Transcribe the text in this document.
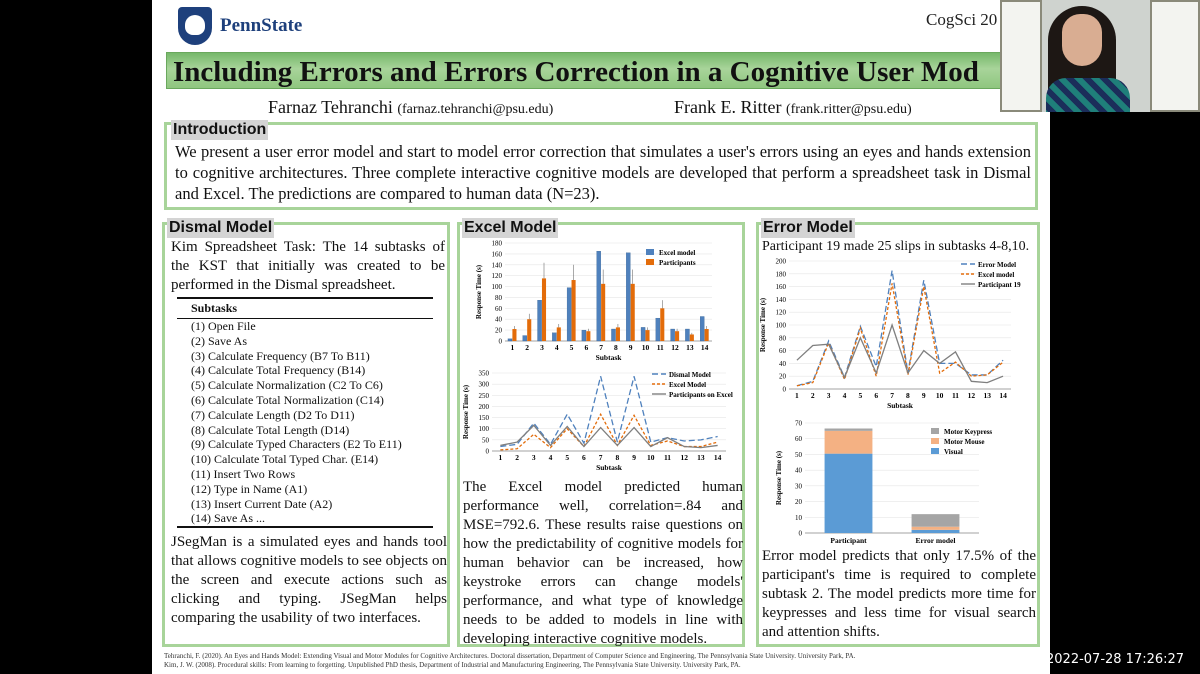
PennState	CogSci 20
Including Errors and Errors Correction in a Cognitive User Mod
Farnaz Tehranchi (farnaz.tehranchi@psu.edu)	Frank E. Ritter (frank.ritter@psu.edu)
Introduction
We present a user error model and start to model error correction that simulates a user's errors using an eyes and hands extension to cognitive architectures. Three complete interactive cognitive models are developed that perform a spreadsheet task in Dismal and Excel. The predictions are compared to human data (N=23).
Dismal Model
Kim Spreadsheet Task: The 14 subtasks of the KST that initially was created to be performed in the Dismal spreadsheet.
Subtasks
(1) Open File
(2) Save As
(3) Calculate Frequency (B7 To B11)
(4) Calculate Total Frequency (B14)
(5) Calculate Normalization (C2 To C6)
(6) Calculate Total Normalization (C14)
(7) Calculate Length (D2 To D11)
(8) Calculate Total Length (D14)
(9) Calculate Typed Characters (E2 To E11)
(10) Calculate Total Typed Char. (E14)
(11) Insert Two Rows
(12) Type in Name (A1)
(13) Insert Current Date (A2)
(14) Save As ...
JSegMan is a simulated eyes and hands tool that allows cognitive models to see objects on the screen and execute actions such as clicking and typing. JSegMan helps comparing the usability of two interfaces.
Excel Model
0
20
40
60
80
100
120
140
160
180
Response Time (s)
Subtask
1 2 3 4 5 6 7 8 9 10 11 12 13 14
Excel model
Participants
0
50
100
150
200
250
300
350
Response Time (s)
Subtask
1 2 3 4 5 6 7 8 9 10 11 12 13 14
Dismal Model
Excel Model
Participants on Excel
The Excel model predicted human performance well, correlation=.84 and MSE=792.6. These results raise questions on how the predictability of cognitive models for human behavior can be increased, how keystroke errors can change models' performance, and what type of knowledge needs to be added to models in line with developing interactive cognitive models.
Error Model
Participant 19 made 25 slips in subtasks 4-8,10.
0
20
40
60
80
100
120
140
160
180
200
Response Time (s)
Subtask
1 2 3 4 5 6 7 8 9 10 11 12 13 14
Error Model
Excel model
Participant 19
0
10
20
30
40
50
60
70
Response Time (s)
Participant	Error model
Motor Keypress
Motor Mouse
Visual
Error model predicts that only 17.5% of the participant's time is required to complete subtask 2. The model predicts more time for keypresses and less time for visual search and attention shifts.
Tehranchi, F. (2020). An Eyes and Hands Model: Extending Visual and Motor Modules for Cognitive Architectures. Doctoral dissertation, Department of Computer Science and Engineering, The Pennsylvania State University. University Park, PA.
Kim, J. W. (2008). Procedural skills: From learning to forgetting. Unpublished PhD thesis, Department of Industrial and Manufacturing Engineering, The Pennsylvania State University. University Park, PA.	2022-07-28 17:26:27
